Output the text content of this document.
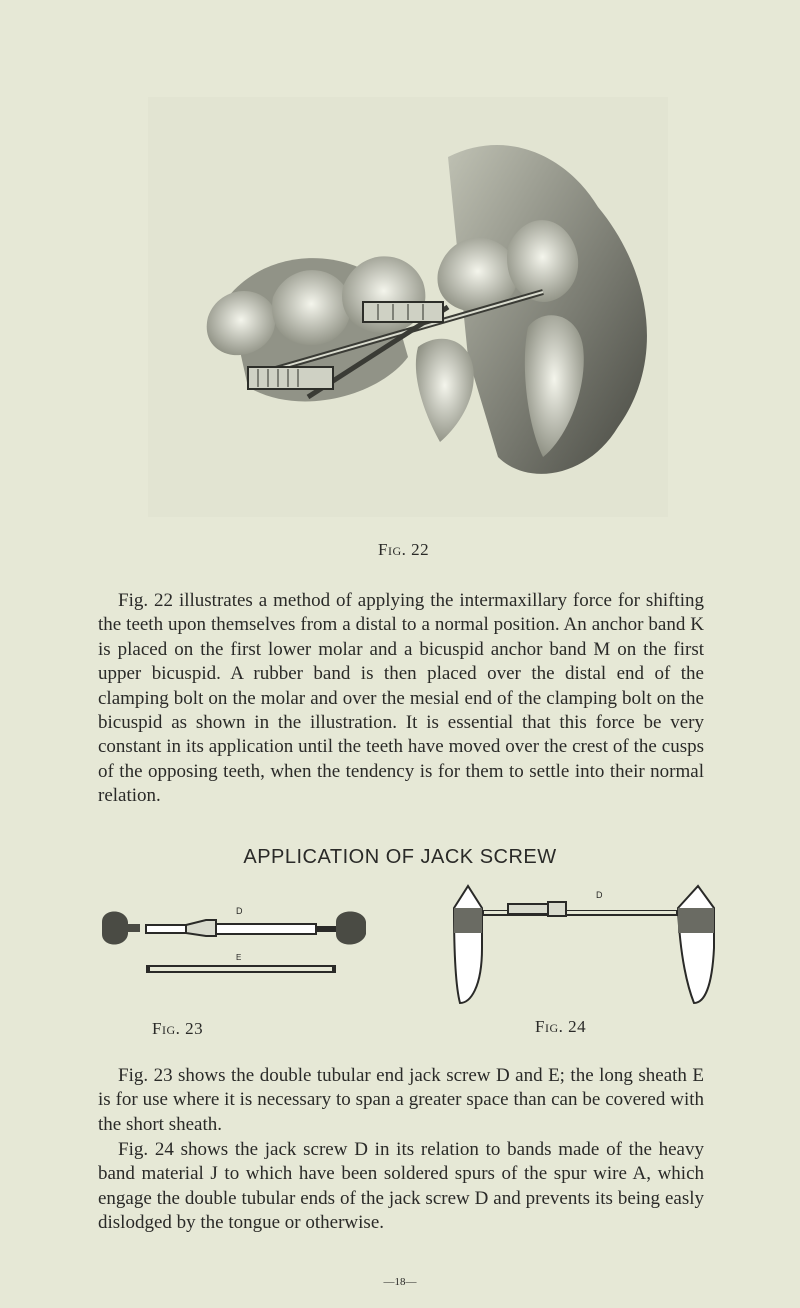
Fig. 22

Fig. 22 illustrates a method of applying the intermaxillary force for shifting the teeth upon themselves from a distal to a normal position. An anchor band K is placed on the first lower molar and a bicuspid anchor band M on the first upper bicuspid. A rubber band is then placed over the distal end of the clamping bolt on the molar and over the mesial end of the clamping bolt on the bicuspid as shown in the illustration. It is essential that this force be very constant in its application until the teeth have moved over the crest of the cusps of the opposing teeth, when the tendency is for them to settle into their normal relation.

APPLICATION OF JACK SCREW
D
E
Fig. 23
D
Fig. 24

Fig. 23 shows the double tubular end jack screw D and E; the long sheath E is for use where it is necessary to span a greater space than can be covered with the short sheath.

Fig. 24 shows the jack screw D in its relation to bands made of the heavy band material J to which have been soldered spurs of the spur wire A, which engage the double tubular ends of the jack screw D and prevents its being easly dislodged by the tongue or otherwise.

—18—
